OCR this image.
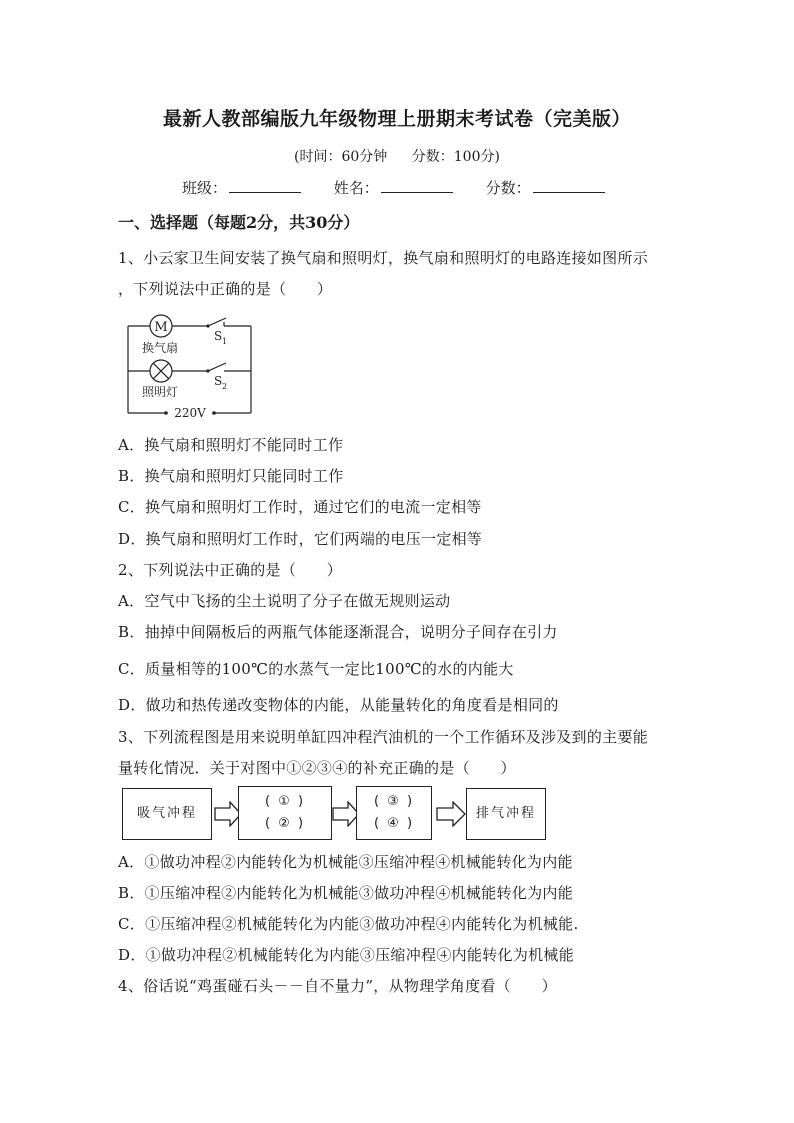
最新人教部编版九年级物理上册期末考试卷（完美版）
(时间：60分钟 分数：100分)
班级：	姓名：	分数：
一、选择题（每题2分，共30分）
1、小云家卫生间安装了换气扇和照明灯，换气扇和照明灯的电路连接如图所示
，下列说法中正确的是（　　）
M
换气扇
S 1
照明灯
S 2
220V
A．换气扇和照明灯不能同时工作
B．换气扇和照明灯只能同时工作
C．换气扇和照明灯工作时，通过它们的电流一定相等
D．换气扇和照明灯工作时，它们两端的电压一定相等
2、下列说法中正确的是（　　）
A．空气中飞扬的尘土说明了分子在做无规则运动
B．抽掉中间隔板后的两瓶气体能逐渐混合，说明分子间存在引力
C．质量相等的100℃的水蒸气一定比100℃的水的内能大
D．做功和热传递改变物体的内能，从能量转化的角度看是相同的
3、下列流程图是用来说明单缸四冲程汽油机的一个工作循环及涉及到的主要能
量转化情况．关于对图中①②③④的补充正确的是（　　）
吸气冲程
( ① )
( ② )
( ③ )
( ④ )
排气冲程
A．①做功冲程②内能转化为机械能③压缩冲程④机械能转化为内能
B．①压缩冲程②内能转化为机械能③做功冲程④机械能转化为内能
C．①压缩冲程②机械能转化为内能③做功冲程④内能转化为机械能.
D．①做功冲程②机械能转化为内能③压缩冲程④内能转化为机械能
4、俗话说“鸡蛋碰石头－－自不量力”，从物理学角度看（　　）
